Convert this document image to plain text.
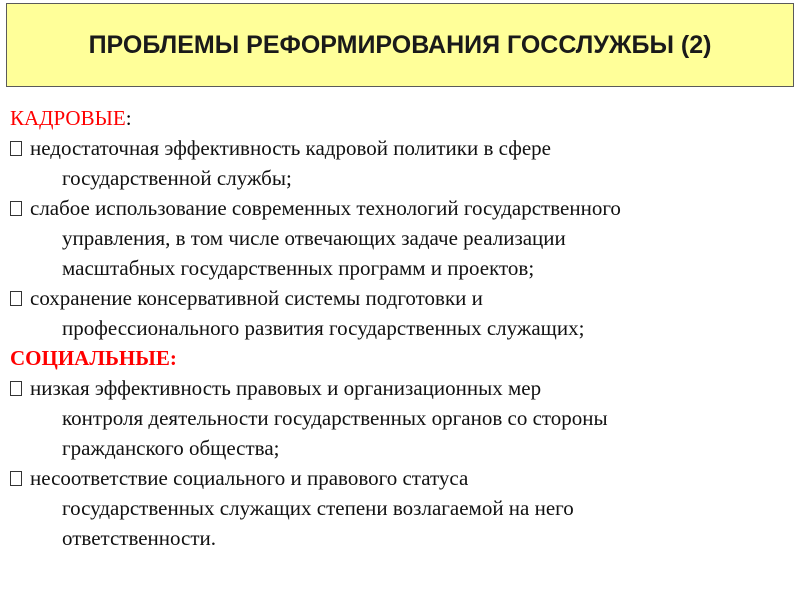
ПРОБЛЕМЫ РЕФОРМИРОВАНИЯ ГОССЛУЖБЫ (2)
КАДРОВЫЕ:
недостаточная эффективность кадровой политики в сфере
государственной службы;
слабое использование современных технологий государственного
управления, в том числе отвечающих задаче реализации
масштабных государственных программ и проектов;
сохранение консервативной системы подготовки и
профессионального развития государственных служащих;
СОЦИАЛЬНЫЕ:
низкая эффективность правовых и организационных мер
контроля деятельности государственных органов со стороны
гражданского общества;
несоответствие социального и правового статуса
государственных служащих степени возлагаемой на него
ответственности.
